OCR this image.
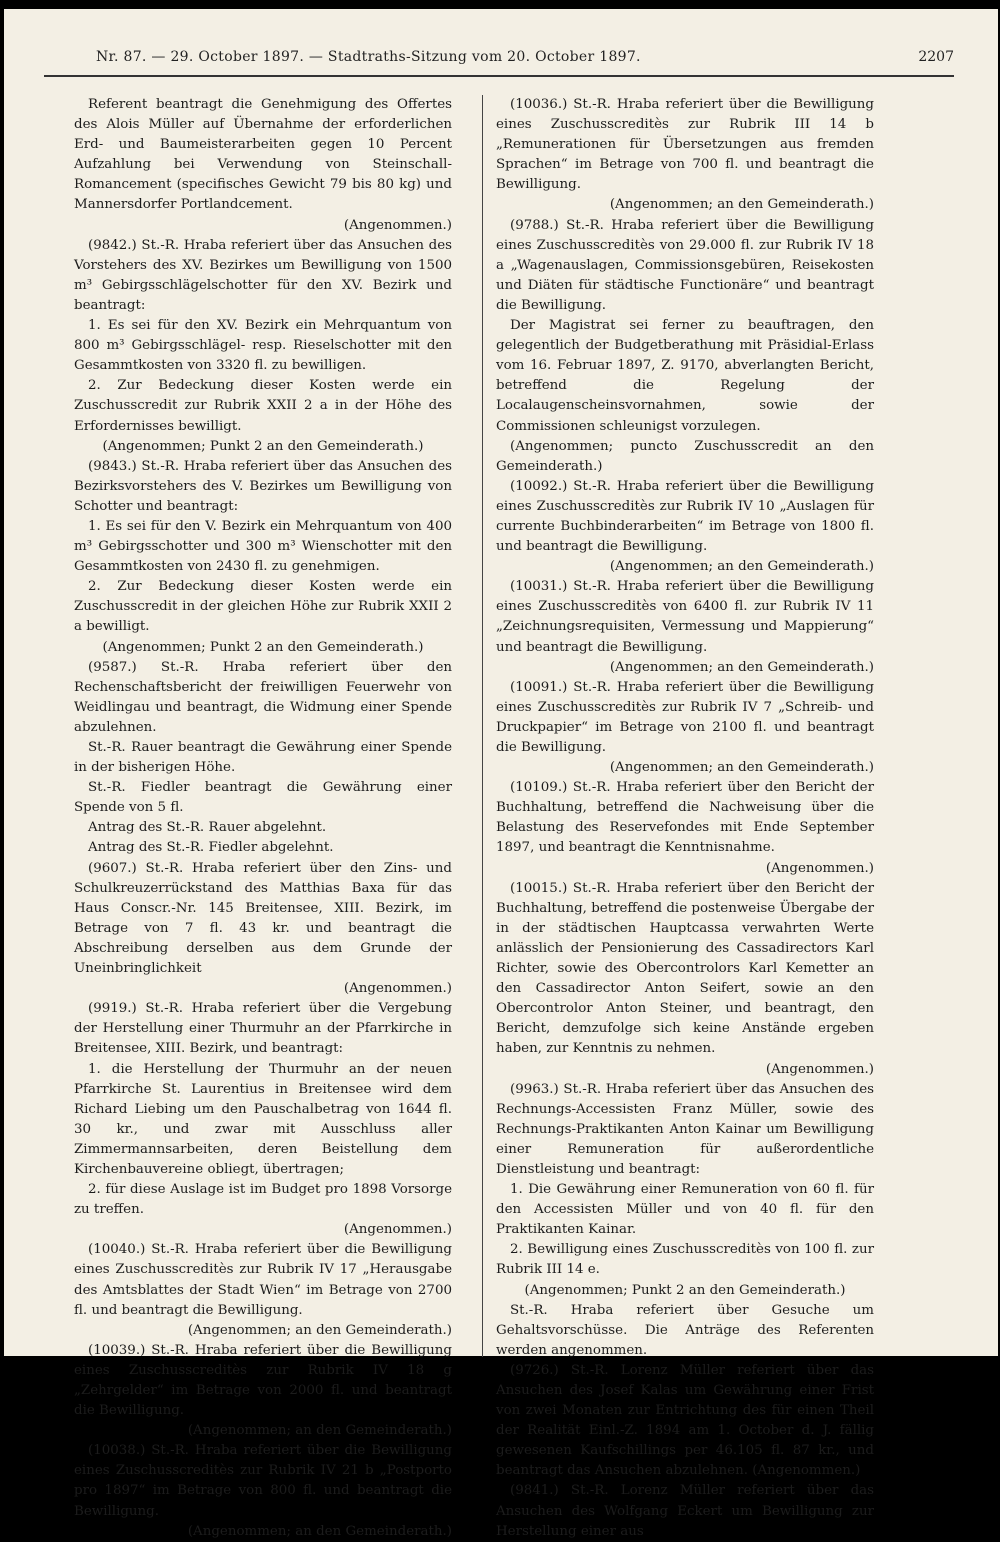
Nr. 87. — 29. October 1897. — Stadtraths-Sitzung vom 20. October 1897.	2207

Referent beantragt die Genehmigung des Offertes des Alois Müller auf Übernahme der erforderlichen Erd- und Baumeisterarbeiten gegen 10 Percent Aufzahlung bei Verwendung von Steinschall-Romancement (specifisches Gewicht 79 bis 80 kg) und Mannersdorfer Portlandcement.

(Angenommen.)

(9842.) St.-R. Hraba referiert über das Ansuchen des Vorstehers des XV. Bezirkes um Bewilligung von 1500 m³ Gebirgsschlägelschotter für den XV. Bezirk und beantragt:

1. Es sei für den XV. Bezirk ein Mehrquantum von 800 m³ Gebirgsschlägel- resp. Rieselschotter mit den Gesammtkosten von 3320 fl. zu bewilligen.

2. Zur Bedeckung dieser Kosten werde ein Zuschusscredit zur Rubrik XXII 2 a in der Höhe des Erfordernisses bewilligt.

(Angenommen; Punkt 2 an den Gemeinderath.)

(9843.) St.-R. Hraba referiert über das Ansuchen des Bezirksvorstehers des V. Bezirkes um Bewilligung von Schotter und beantragt:

1. Es sei für den V. Bezirk ein Mehrquantum von 400 m³ Gebirgsschotter und 300 m³ Wienschotter mit den Gesammtkosten von 2430 fl. zu genehmigen.

2. Zur Bedeckung dieser Kosten werde ein Zuschusscredit in der gleichen Höhe zur Rubrik XXII 2 a bewilligt.

(Angenommen; Punkt 2 an den Gemeinderath.)

(9587.) St.-R. Hraba referiert über den Rechenschaftsbericht der freiwilligen Feuerwehr von Weidlingau und beantragt, die Widmung einer Spende abzulehnen.

St.-R. Rauer beantragt die Gewährung einer Spende in der bisherigen Höhe.

St.-R. Fiedler beantragt die Gewährung einer Spende von 5 fl.

Antrag des St.-R. Rauer abgelehnt.

Antrag des St.-R. Fiedler abgelehnt.

(9607.) St.-R. Hraba referiert über den Zins- und Schulkreuzerrückstand des Matthias Baxa für das Haus Conscr.-Nr. 145 Breitensee, XIII. Bezirk, im Betrage von 7 fl. 43 kr. und beantragt die Abschreibung derselben aus dem Grunde der Uneinbringlichkeit

(Angenommen.)

(9919.) St.-R. Hraba referiert über die Vergebung der Herstellung einer Thurmuhr an der Pfarrkirche in Breitensee, XIII. Bezirk, und beantragt:

1. die Herstellung der Thurmuhr an der neuen Pfarrkirche St. Laurentius in Breitensee wird dem Richard Liebing um den Pauschalbetrag von 1644 fl. 30 kr., und zwar mit Ausschluss aller Zimmermannsarbeiten, deren Beistellung dem Kirchenbauvereine obliegt, übertragen;

2. für diese Auslage ist im Budget pro 1898 Vorsorge zu treffen.

(Angenommen.)

(10040.) St.-R. Hraba referiert über die Bewilligung eines Zuschusscreditès zur Rubrik IV 17 „Herausgabe des Amtsblattes der Stadt Wien“ im Betrage von 2700 fl. und beantragt die Bewilligung.

(Angenommen; an den Gemeinderath.)

(10039.) St.-R. Hraba referiert über die Bewilligung eines Zuschusscreditès zur Rubrik IV 18 g „Zehrgelder“ im Betrage von 2000 fl. und beantragt die Bewilligung.

(Angenommen; an den Gemeinderath.)

(10038.) St.-R. Hraba referiert über die Bewilligung eines Zuschusscreditès zur Rubrik IV 21 b „Postporto pro 1897“ im Betrage von 800 fl. und beantragt die Bewilligung.

(Angenommen; an den Gemeinderath.)

(10036.) St.-R. Hraba referiert über die Bewilligung eines Zuschusscreditès zur Rubrik III 14 b „Remunerationen für Übersetzungen aus fremden Sprachen“ im Betrage von 700 fl. und beantragt die Bewilligung.

(Angenommen; an den Gemeinderath.)

(9788.) St.-R. Hraba referiert über die Bewilligung eines Zuschusscreditès von 29.000 fl. zur Rubrik IV 18 a „Wagenauslagen, Commissionsgebüren, Reisekosten und Diäten für städtische Functionäre“ und beantragt die Bewilligung.

Der Magistrat sei ferner zu beauftragen, den gelegentlich der Budgetberathung mit Präsidial-Erlass vom 16. Februar 1897, Z. 9170, abverlangten Bericht, betreffend die Regelung der Localaugenscheinsvornahmen, sowie der Commissionen schleunigst vorzulegen.

(Angenommen; puncto Zuschusscredit an den Gemeinderath.)

(10092.) St.-R. Hraba referiert über die Bewilligung eines Zuschusscreditès zur Rubrik IV 10 „Auslagen für currente Buchbinderarbeiten“ im Betrage von 1800 fl. und beantragt die Bewilligung.

(Angenommen; an den Gemeinderath.)

(10031.) St.-R. Hraba referiert über die Bewilligung eines Zuschusscreditès von 6400 fl. zur Rubrik IV 11 „Zeichnungsrequisiten, Vermessung und Mappierung“ und beantragt die Bewilligung.

(Angenommen; an den Gemeinderath.)

(10091.) St.-R. Hraba referiert über die Bewilligung eines Zuschusscreditès zur Rubrik IV 7 „Schreib- und Druckpapier“ im Betrage von 2100 fl. und beantragt die Bewilligung.

(Angenommen; an den Gemeinderath.)

(10109.) St.-R. Hraba referiert über den Bericht der Buchhaltung, betreffend die Nachweisung über die Belastung des Reservefondes mit Ende September 1897, und beantragt die Kenntnisnahme.

(Angenommen.)

(10015.) St.-R. Hraba referiert über den Bericht der Buchhaltung, betreffend die postenweise Übergabe der in der städtischen Hauptcassa verwahrten Werte anlässlich der Pensionierung des Cassadirectors Karl Richter, sowie des Obercontrolors Karl Kemetter an den Cassadirector Anton Seifert, sowie an den Obercontrolor Anton Steiner, und beantragt, den Bericht, demzufolge sich keine Anstände ergeben haben, zur Kenntnis zu nehmen.

(Angenommen.)

(9963.) St.-R. Hraba referiert über das Ansuchen des Rechnungs-Accessisten Franz Müller, sowie des Rechnungs-Praktikanten Anton Kainar um Bewilligung einer Remuneration für außerordentliche Dienstleistung und beantragt:

1. Die Gewährung einer Remuneration von 60 fl. für den Accessisten Müller und von 40 fl. für den Praktikanten Kainar.

2. Bewilligung eines Zuschusscreditès von 100 fl. zur Rubrik III 14 e.

(Angenommen; Punkt 2 an den Gemeinderath.)

St.-R. Hraba referiert über Gesuche um Gehaltsvorschüsse. Die Anträge des Referenten werden angenommen.

(9726.) St.-R. Lorenz Müller referiert über das Ansuchen des Josef Kalas um Gewährung einer Frist von zwei Monaten zur Entrichtung des für einen Theil der Realität Einl.-Z. 1894 am 1. October d. J. fällig gewesenen Kaufschillings per 46.105 fl. 87 kr., und beantragt das Ansuchen abzulehnen. (Angenommen.)

(9841.) St.-R. Lorenz Müller referiert über das Ansuchen des Wolfgang Eckert um Bewilligung zur Herstellung einer aus
